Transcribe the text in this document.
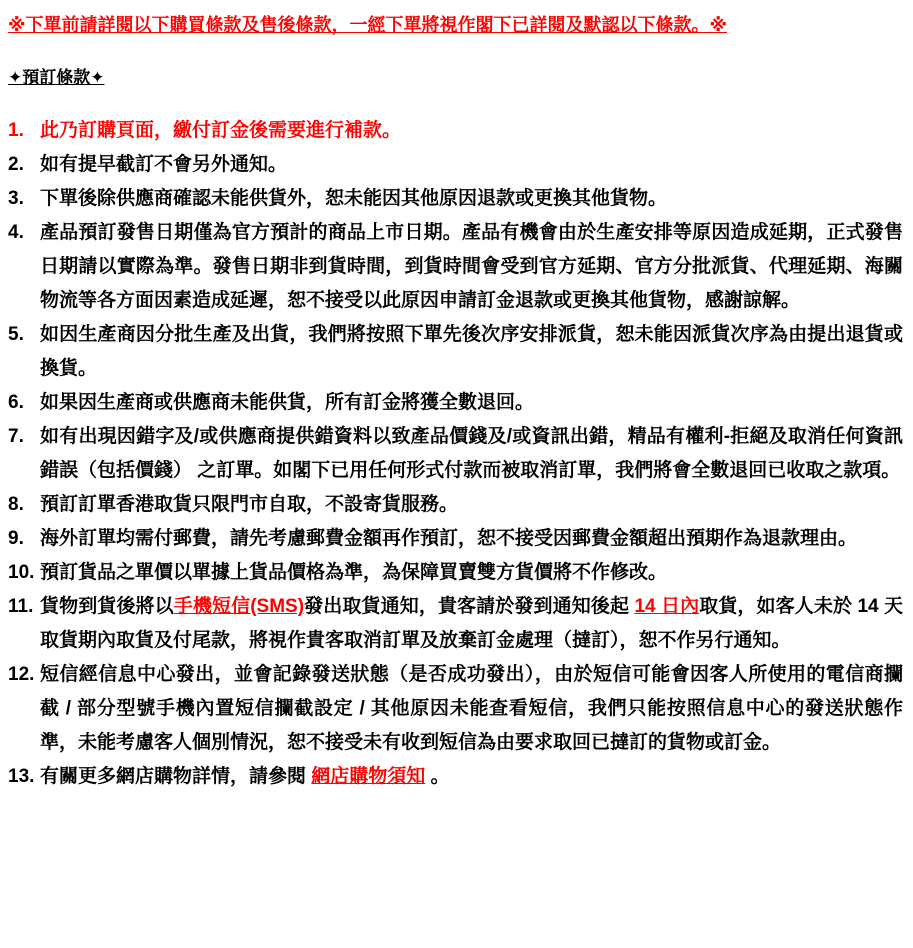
※下單前請詳閱以下購買條款及售後條款，一經下單將視作閣下已詳閱及默認以下條款。※
✦預訂條款✦
1. 此乃訂購頁面，繳付訂金後需要進行補款。
2. 如有提早截訂不會另外通知。
3. 下單後除供應商確認未能供貨外，恕未能因其他原因退款或更換其他貨物。
4. 產品預訂發售日期僅為官方預計的商品上市日期。產品有機會由於生產安排等原因造成延期，正式發售日期請以實際為準。發售日期非到貨時間，到貨時間會受到官方延期、官方分批派貨、代理延期、海關物流等各方面因素造成延遲，恕不接受以此原因申請訂金退款或更換其他貨物，感謝諒解。
5. 如因生產商因分批生產及出貨，我們將按照下單先後次序安排派貨，恕未能因派貨次序為由提出退貨或換貨。
6. 如果因生產商或供應商未能供貨，所有訂金將獲全數退回。
7. 如有出現因錯字及/或供應商提供錯資料以致產品價錢及/或資訊出錯，精品有權利-拒絕及取消任何資訊錯誤（包括價錢） 之訂單。如閣下已用任何形式付款而被取消訂單，我們將會全數退回已收取之款項。
8. 預訂訂單香港取貨只限門市自取，不設寄貨服務。
9. 海外訂單均需付郵費，請先考慮郵費金額再作預訂，恕不接受因郵費金額超出預期作為退款理由。
10. 預訂貨品之單價以單據上貨品價格為準，為保障買賣雙方貨價將不作修改。
11. 貨物到貨後將以手機短信(SMS)發出取貨通知，貴客請於發到通知後起 14 日內取貨，如客人未於 14 天取貨期內取貨及付尾款，將視作貴客取消訂單及放棄訂金處理（撻訂），恕不作另行通知。
12. 短信經信息中心發出，並會記錄發送狀態（是否成功發出），由於短信可能會因客人所使用的電信商攔截 / 部分型號手機內置短信攔截設定 / 其他原因未能查看短信，我們只能按照信息中心的發送狀態作準，未能考慮客人個別情況，恕不接受未有收到短信為由要求取回已撻訂的貨物或訂金。
13. 有關更多網店購物詳情，請參閱 網店購物須知 。
